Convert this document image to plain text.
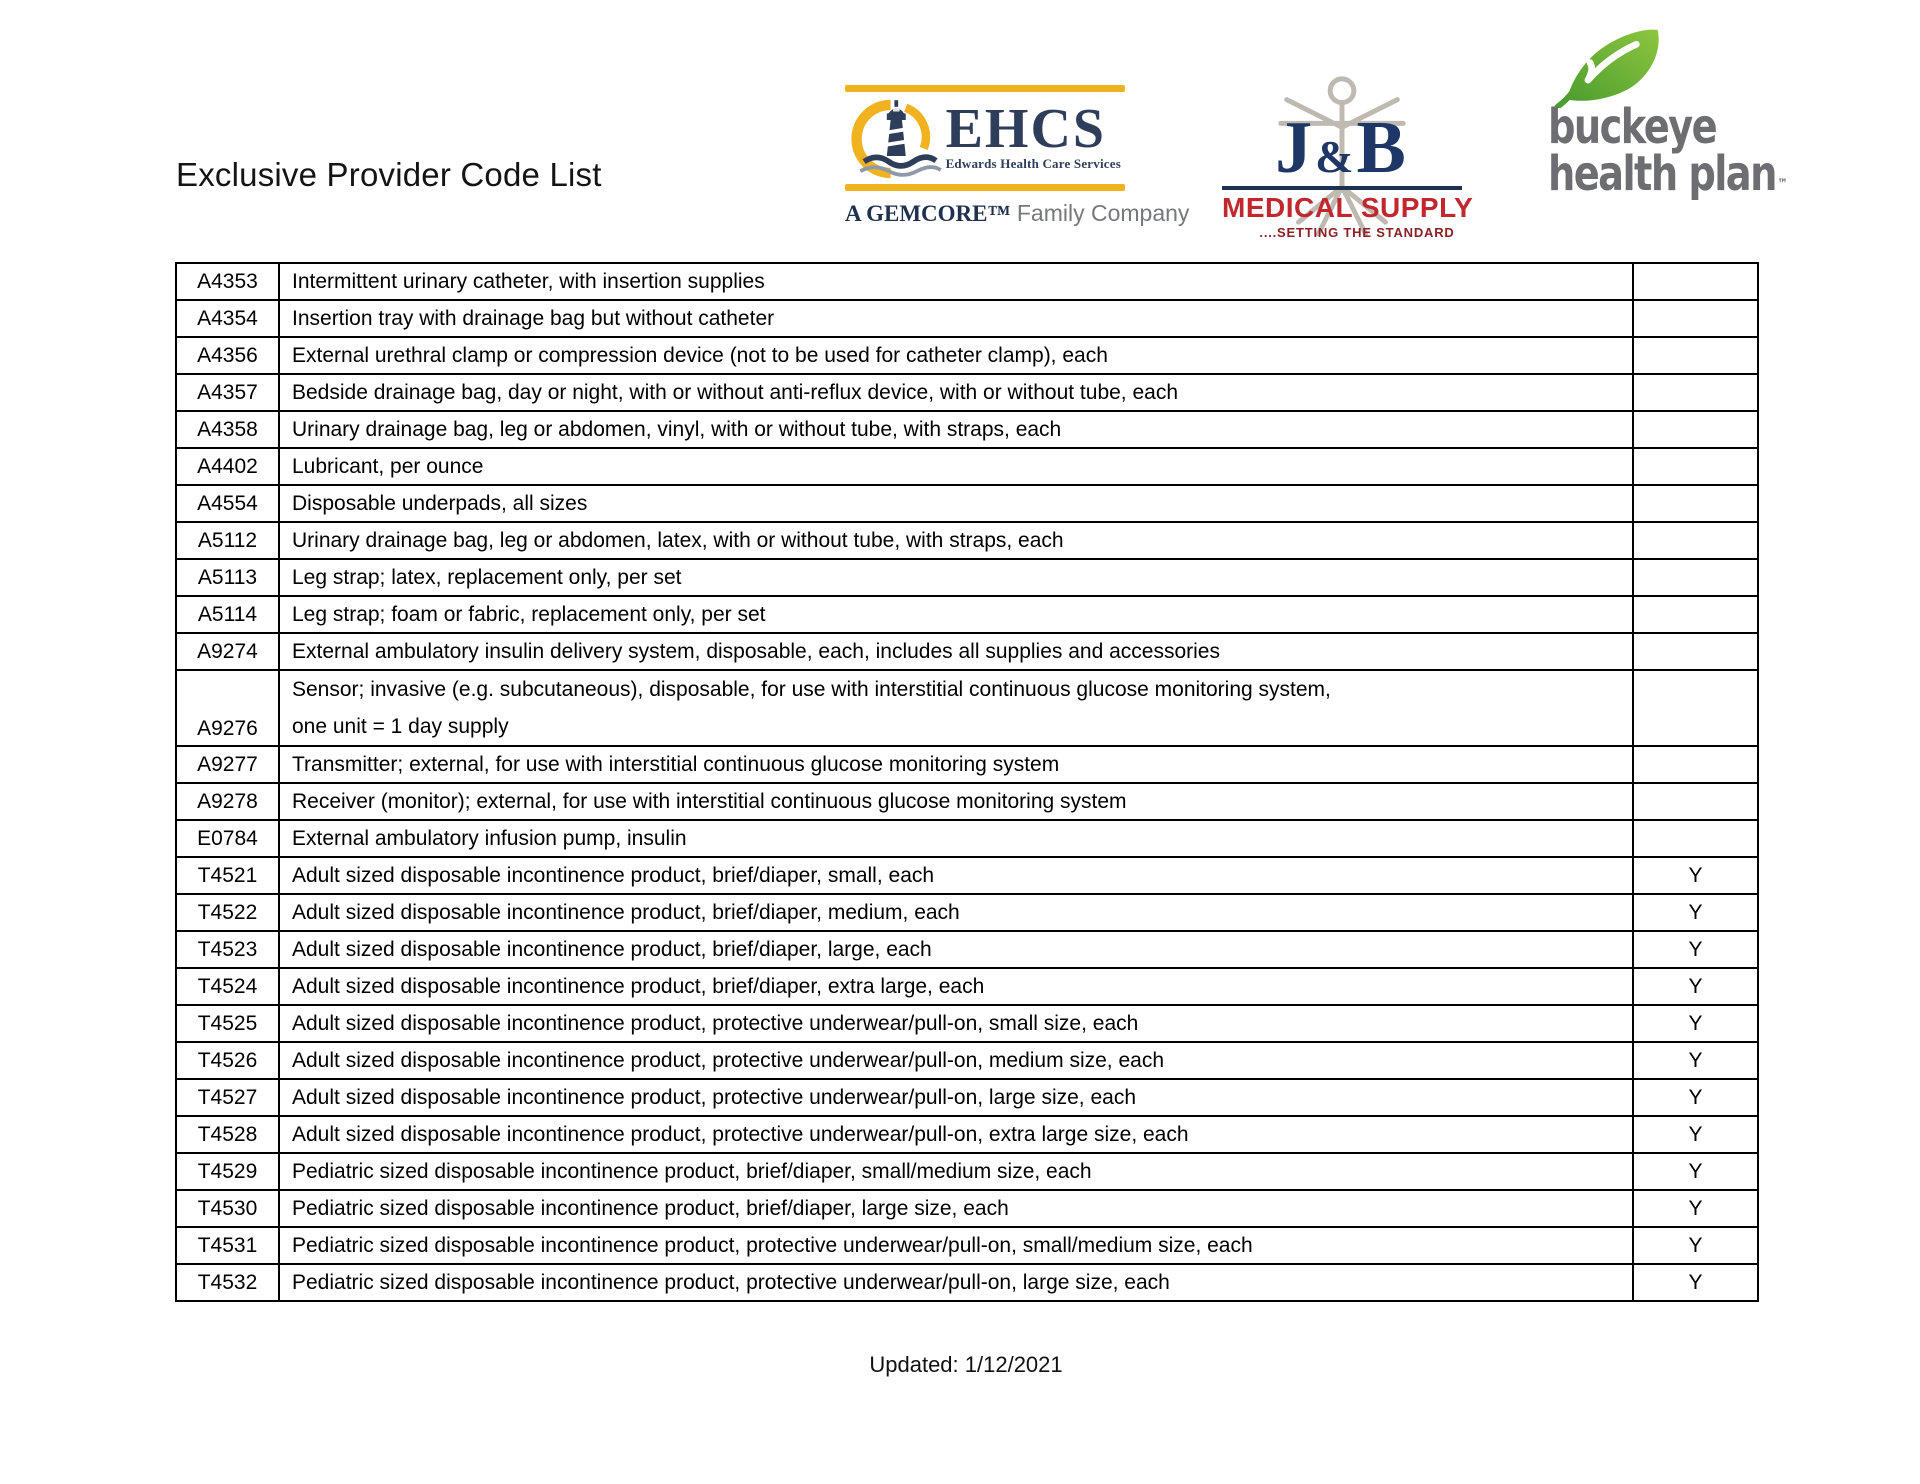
Exclusive Provider Code List
EHCS
Edwards Health Care Services
A GEMCORE™ Family Company
J&B
MEDICAL SUPPLY
....SETTING THE STANDARD
buckeye
health plan ™
A4353	Intermittent urinary catheter, with insertion supplies	

A4354	Insertion tray with drainage bag but without catheter	

A4356	External urethral clamp or compression device (not to be used for catheter clamp), each	

A4357	Bedside drainage bag, day or night, with or without anti-reflux device, with or without tube, each	

A4358	Urinary drainage bag, leg or abdomen, vinyl, with or without tube, with straps, each	

A4402	Lubricant, per ounce	

A4554	Disposable underpads, all sizes	

A5112	Urinary drainage bag, leg or abdomen, latex, with or without tube, with straps, each	

A5113	Leg strap; latex, replacement only, per set	

A5114	Leg strap; foam or fabric, replacement only, per set	

A9274	External ambulatory insulin delivery system, disposable, each, includes all supplies and accessories	

A9276	Sensor; invasive (e.g. subcutaneous), disposable, for use with interstitial continuous glucose monitoring system,
one unit = 1 day supply	

A9277	Transmitter; external, for use with interstitial continuous glucose monitoring system	

A9278	Receiver (monitor); external, for use with interstitial continuous glucose monitoring system	

E0784	External ambulatory infusion pump, insulin	

T4521	Adult sized disposable incontinence product, brief/diaper, small, each	Y
T4522	Adult sized disposable incontinence product, brief/diaper, medium, each	Y
T4523	Adult sized disposable incontinence product, brief/diaper, large, each	Y
T4524	Adult sized disposable incontinence product, brief/diaper, extra large, each	Y
T4525	Adult sized disposable incontinence product, protective underwear/pull-on, small size, each	Y
T4526	Adult sized disposable incontinence product, protective underwear/pull-on, medium size, each	Y
T4527	Adult sized disposable incontinence product, protective underwear/pull-on, large size, each	Y
T4528	Adult sized disposable incontinence product, protective underwear/pull-on, extra large size, each	Y
T4529	Pediatric sized disposable incontinence product, brief/diaper, small/medium size, each	Y
T4530	Pediatric sized disposable incontinence product, brief/diaper, large size, each	Y
T4531	Pediatric sized disposable incontinence product, protective underwear/pull-on, small/medium size, each	Y
T4532	Pediatric sized disposable incontinence product, protective underwear/pull-on, large size, each	Y
Updated: 1/12/2021
